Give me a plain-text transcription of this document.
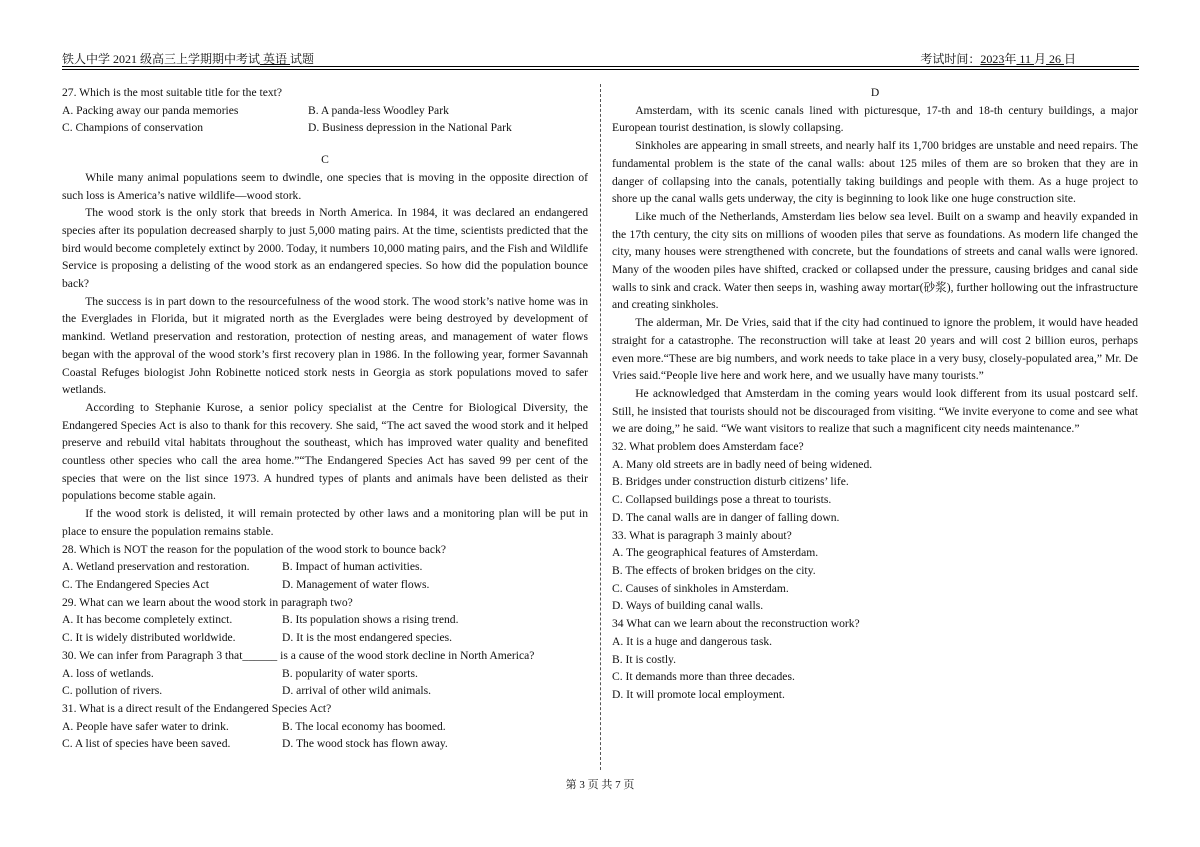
铁人中学 2021 级高三上学期期中考试 英语 试题	考试时间：2023年 11 月 26 日

27. Which is the most suitable title for the text?

A. Packing away our panda memories	B. A panda-less Woodley Park
C. Champions of conservation	D. Business depression in the National Park

C

While many animal populations seem to dwindle, one species that is moving in the opposite direction of such loss is America’s native wildlife—wood stork.

The wood stork is the only stork that breeds in North America. In 1984, it was declared an endangered species after its population decreased sharply to just 5,000 mating pairs. At the time, scientists predicted that the bird would become completely extinct by 2000. Today, it numbers 10,000 mating pairs, and the Fish and Wildlife Service is proposing a delisting of the wood stork as an endangered species. So how did the population bounce back?

The success is in part down to the resourcefulness of the wood stork. The wood stork’s native home was in the Everglades in Florida, but it migrated north as the Everglades were being destroyed by development of mankind. Wetland preservation and restoration, protection of nesting areas, and management of water flows began with the approval of the wood stork’s first recovery plan in 1986. In the following year, former Savannah Coastal Refuges biologist John Robinette noticed stork nests in Georgia as stork populations moved to safer wetlands.

According to Stephanie Kurose, a senior policy specialist at the Centre for Biological Diversity, the Endangered Species Act is also to thank for this recovery. She said, “The act saved the wood stork and it helped preserve and rebuild vital habitats throughout the southeast, which has improved water quality and benefited countless other species who call the area home.”“The Endangered Species Act has saved 99 per cent of the species that were on the list since 1973. A hundred types of plants and animals have been delisted as their populations become stable again.

If the wood stork is delisted, it will remain protected by other laws and a monitoring plan will be put in place to ensure the population remains stable.

28. Which is NOT the reason for the population of the wood stork to bounce back?

A. Wetland preservation and restoration.	B. Impact of human activities.
C. The Endangered Species Act	D. Management of water flows.

29. What can we learn about the wood stork in paragraph two?

A. It has become completely extinct.	B. Its population shows a rising trend.
C. It is widely distributed worldwide.	D. It is the most endangered species.

30. We can infer from Paragraph 3 that______ is a cause of the wood stork decline in North America?

A. loss of wetlands.	B. popularity of water sports.
C. pollution of rivers.	D. arrival of other wild animals.

31. What is a direct result of the Endangered Species Act?

A. People have safer water to drink.	B. The local economy has boomed.
C. A list of species have been saved.	D. The wood stock has flown away.

D

Amsterdam, with its scenic canals lined with picturesque, 17-th and 18-th century buildings, a major European tourist destination, is slowly collapsing.

Sinkholes are appearing in small streets, and nearly half its 1,700 bridges are unstable and need repairs. The fundamental problem is the state of the canal walls: about 125 miles of them are so broken that they are in danger of collapsing into the canals, potentially taking buildings and people with them. As a huge project to shore up the canal walls gets underway, the city is beginning to look like one huge construction site.

Like much of the Netherlands, Amsterdam lies below sea level. Built on a swamp and heavily expanded in the 17th century, the city sits on millions of wooden piles that serve as foundations. As modern life changed the city, many houses were strengthened with concrete, but the foundations of streets and canal walls were ignored. Many of the wooden piles have shifted, cracked or collapsed under the pressure, causing bridges and canal side walls to sink and crack. Water then seeps in, washing away mortar(砂浆), further hollowing out the infrastructure and creating sinkholes.

The alderman, Mr. De Vries, said that if the city had continued to ignore the problem, it would have headed straight for a catastrophe. The reconstruction will take at least 20 years and will cost 2 billion euros, perhaps even more.“These are big numbers, and work needs to take place in a very busy, closely-populated area,” Mr. De Vries said.“People live here and work here, and we usually have many tourists.”

He acknowledged that Amsterdam in the coming years would look different from its usual postcard self. Still, he insisted that tourists should not be discouraged from visiting. “We invite everyone to come and see what we are doing,” he said. “We want visitors to realize that such a magnificent city needs maintenance.”

32. What problem does Amsterdam face?

A. Many old streets are in badly need of being widened.

B. Bridges under construction disturb citizens’ life.

C. Collapsed buildings pose a threat to tourists.

D. The canal walls are in danger of falling down.

33. What is paragraph 3 mainly about?

A. The geographical features of Amsterdam.

B. The effects of broken bridges on the city.

C. Causes of sinkholes in Amsterdam.

D. Ways of building canal walls.

34 What can we learn about the reconstruction work?

A. It is a huge and dangerous task.

B. It is costly.

C. It demands more than three decades.

D. It will promote local employment.

第 3 页 共 7 页
